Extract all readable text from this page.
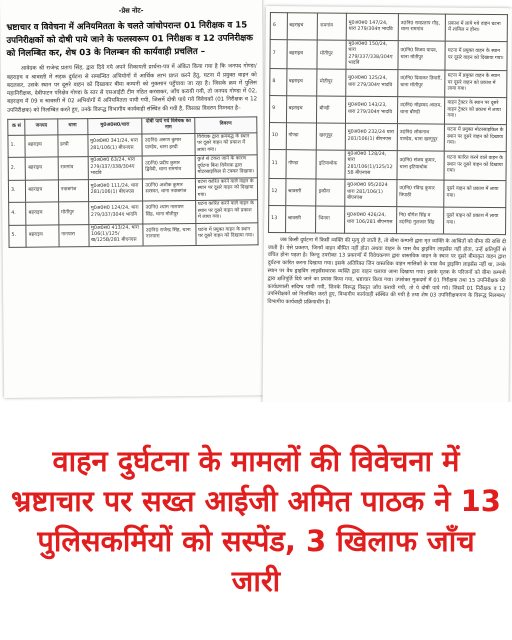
-प्रेस नोट-
भ्रष्टाचार व विवेचना में अनियमितता के चलते जांचोपरान्त 01 निरीक्षक व 15 उपनिरीक्षकों को दोषी पाये जाने के फलस्वरूप 01 निरीक्षक व 12 उपनिरीक्षक को निलम्बित कर, शेष 03 के निलम्बन की कार्यवाही प्रचलित –
आवेदक श्री राजेन्द्र प्रताप सिंह, द्वारा दिये गये अपने शिकायती प्रार्थना-पत्र में अंकित किया गया है कि जनपद गोण्डा/बहराइच व श्रावस्ती में सड़क दुर्घटना से सम्बन्धित अभियोगों में आर्थिक लाभ प्राप्त करने हेतु, घटना में प्रयुक्त वाहन को बदलकर, उसके स्थान पर दूसरे वाहन को दिखाकर बीमा कम्पनी को नुकसान पहुँचाया जा रहा है। जिसके क्रम में पुलिस महानिरीक्षक, देवीपाटन परिक्षेत्र गोण्डा के स्तर से एसआईटी टीम गठित करवाकर, जाँच करायी गयी, तो जनपद गोण्डा में 02, बहराइच में 09 व श्रावस्ती में 02 अभियोगों में अनियमितता पायी गयी, जिसमें दोषी पाये गये विवेचकों (01 निरीक्षक व 12 उपनिरीक्षक) को निलम्बित करते हुए, उनके विरूद्ध विभागीय कार्यवाही संस्थित की गयी है, जिसका विवरण निम्नवत है–
क्र सं	जनपद	थाना	मु0अ0स0/धारा	दोषी पाये गये विवेचक का नाम	विवरण
1.	बहराइच	हरदी	मु0अ0स0 341/24, धारा 281/106(1) बीएनएस	उ0नि0 अरूण कुमार पाण्डेय, थाना हरदी	विवेचक द्वारा क्रमबद्ध के स्थान पर दूसरे वाहन को प्रकाश में लाया गया।
2.	बहराइच	रामगांव	मु0अ0स0 63/24, धारा 279/337/338/304ए भादवि	उ0नि0 प्रदीप कुमार द्विवेदी, थाना रामगांव	कुत्ते से टकरा जाने के कारण दुर्घटना बिना विवेचक द्वारा मोटरसाइकिल से टक्कर दिखाया।
3.	बहराइच	नवाबगंज	मु0अ0स0 111/24, धारा 281/106(1) बीएनएस	उ0नि0 अशोक कुमार सरस्वत, थाना नवाबगंज	घटना कारित करने वाले वाहन के स्थान पर दूसरे वाहन को दिखाया गया।
4.	बहराइच	मोतीपुर	मु0अ0स0 124/24, धारा 279/337/304ए भादवि	उ0नि0 श्याम नारायण सिंह, थाना मोतीपुर	घटना कारित करने वाले वाहन के स्थान पर दूसरे वाहन को प्रकाश में लाया गया।
5.	बहराइच	नानपारा	मु0अ0स0 413/24, धारा 106(1)/125/ख/125B/281 बीएनएस	उ0नि0 राजेन्द्र सिंह, थाना नानपारा	घटना में प्रयुक्त वाहन के स्थान पर दूसरे वाहन को दिखाया गया।
6	बहराइच	रामगांव	मु0अ0स0 147/24, धारा 279/304ए भादवि	उ0नि0 रामप्रताप गौड़, थाना रामगांव	प्रकाश में लाये गये वाहन घटना में शामिल न होना।
7	बहराइच	मोतीपुर	मु0अ0स0 150/24, धारा 279/337/338/304ए भादवि	उ0नि0 विजय यादव, थाना मोतीपुर	घटना में प्रयुक्त वाहन के स्थान पर दूसरे वाहन को दिखाया गया।
8	बहराइच	मोतीपुर	मु0अ0स0 125/24, धारा 279/304ए भादवि	उ0नि0 दिवाकर तिवारी, थाना मोतीपुर	घटना में प्रयुक्त वाहन के स्थान पर दूसरे वाहन को प्रकाश में लाया गया।
9	बहराइच	बौण्डी	मु0अ0स0 143/23, धारा 279/304ए भादवि	उ0नि0 मोहम्मद आलम, थाना बौण्डी	वाहन ट्रेक्टर के स्थान पर दूसरे वाहन ट्रेक्टर को प्रकाश में लाया गया।
10	गोण्डा	खरगूपुर	मु0अ0स0 232/24 धारा 281/106(1) बीएनएस	उ0नि0 लोकनाथ पाण्डेय, थाना खरगूपुर	घटना में प्रयुक्त मोटरसाइकिल के स्थान पर दूसरे वाहन को दिखाया गया।
11	गोण्डा	इटियाथोक	मु0अ0स0 128/24, धारा 281/106(1)/125/125B बीएनएस	उ0नि0 संजय कुमार, थाना इटियाथोक	घटना कारित करने वाले वाहन के स्थान पर दूसरे वाहन को दिखाया गया।
12	श्रावस्ती	इकौना	मु0अ0स0 95/2024 धारा 281/106(1) बीएनएस	उ0नि0 रविन्द्र कुमार त्रिपाठी	दूसरे वाहन को प्रकाश में लाया गया।
13	श्रावस्ती	भिनगा	मु0अ0स0 426/24, धारा 106/281 बीएनएस	नि0 योगेश सिंह व उ0नि0 गुलजार सिंह	दूसरे वाहन को प्रकाश में लाया गया।
जब किसी दुर्घटना में किसी व्यक्ति की मृत्यु हो जाती है, तो बीमा कम्पनी द्वारा मृत व्यक्ति के आश्रितों को बीमा की राशि दी जाती है। ऐसे प्रकरण, जिनमें वाहन बीमित नहीं होता अथवा वाहन के पास वैध ड्राइविंग लाइसेंस नहीं होता, उन्हें क्षतिपूर्ति से वंचित होना पड़ता है। किन्तु उपरोक्त 13 प्रकरणों में विवेचकगण द्वारा वास्तविक वाहन के स्थान पर दूसरे बीमाकृत वाहन द्वारा दुर्घटना कारित करना दिखाया गया। इसके अतिरिक्त जिन वास्तविक वाहन मालिकों के पास वैध ड्राइविंग लाइसेंस नहीं था, उनके स्थान पर वैध ड्राइविंग लाइसेंसधारक व्यक्ति द्वारा वाहन चलाया जाना दिखाया गया। इसके मृतक के परिजनों को बीमा कम्पनी द्वारा क्षतिपूर्ति दिये जाने का प्रयास किया गया, भ्रष्टाचार किया गया। उपरोक्त मुकदमों में 01 निरीक्षक तथा 15 उपनिरीक्षक की कार्यप्रणाली संदिग्ध पायी गयी, जिनके विरूद्ध विस्तृत जाँच करायी गयी, तो ये दोषी पाये गये। जिसमें 01 निरीक्षक व 12 उपनिरीक्षकों को निलम्बित करते हुए, विभागीय कार्यवाही संस्थित की गयी है तथा शेष 03 उपनिरीक्षकगण के विरूद्ध निलम्बन/विभागीय कार्यवाही प्रक्रियाधीन है।
वाहन दुर्घटना के मामलों की विवेचना में भ्रष्टाचार पर सख्त आईजी अमित पाठक ने 13 पुलिसकर्मियों को सस्पेंड, 3 खिलाफ जाँच जारी
